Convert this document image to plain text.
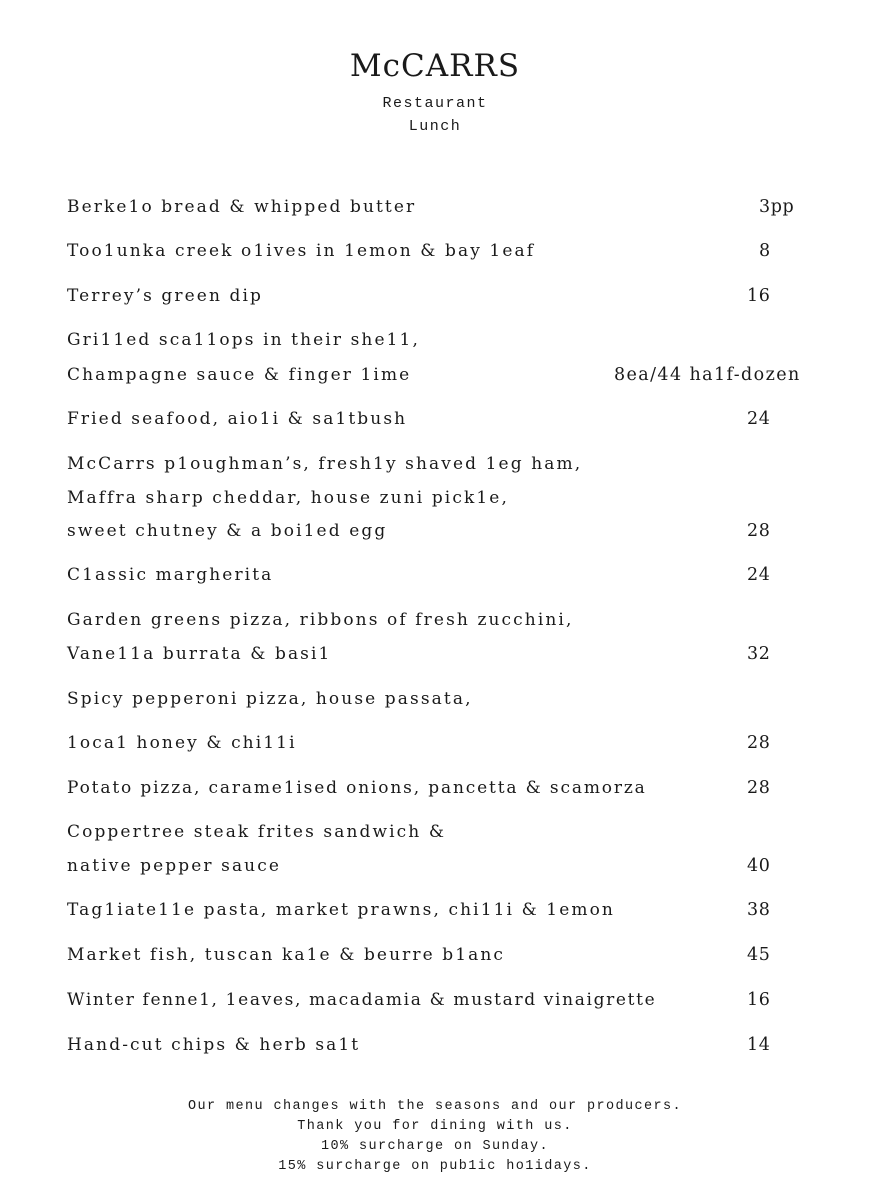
McCARRS
Restaurant
Lunch
Berke1o bread & whipped butter	3pp
Too1unka creek o1ives in 1emon & bay 1eaf	8
Terrey’s green dip	16
Gri11ed sca11ops in their she11,
Champagne sauce & finger 1ime	8ea/44 ha1f-dozen
Fried seafood, aio1i & sa1tbush	24
McCarrs p1oughman’s, fresh1y shaved 1eg ham,
Maffra sharp cheddar, house zuni pick1e,
sweet chutney & a boi1ed egg	28
C1assic margherita	24
Garden greens pizza, ribbons of fresh zucchini,
Vane11a burrata & basi1	32
Spicy pepperoni pizza, house passata,
1oca1 honey & chi11i	28
Potato pizza, carame1ised onions, pancetta & scamorza	28
Coppertree steak frites sandwich &
native pepper sauce	40
Tag1iate11e pasta, market prawns, chi11i & 1emon	38
Market fish, tuscan ka1e & beurre b1anc	45
Winter fenne1, 1eaves, macadamia & mustard vinaigrette	16
Hand-cut chips & herb sa1t	14
Our menu changes with the seasons and our producers.
Thank you for dining with us.
10% surcharge on Sunday.
15% surcharge on pub1ic ho1idays.
